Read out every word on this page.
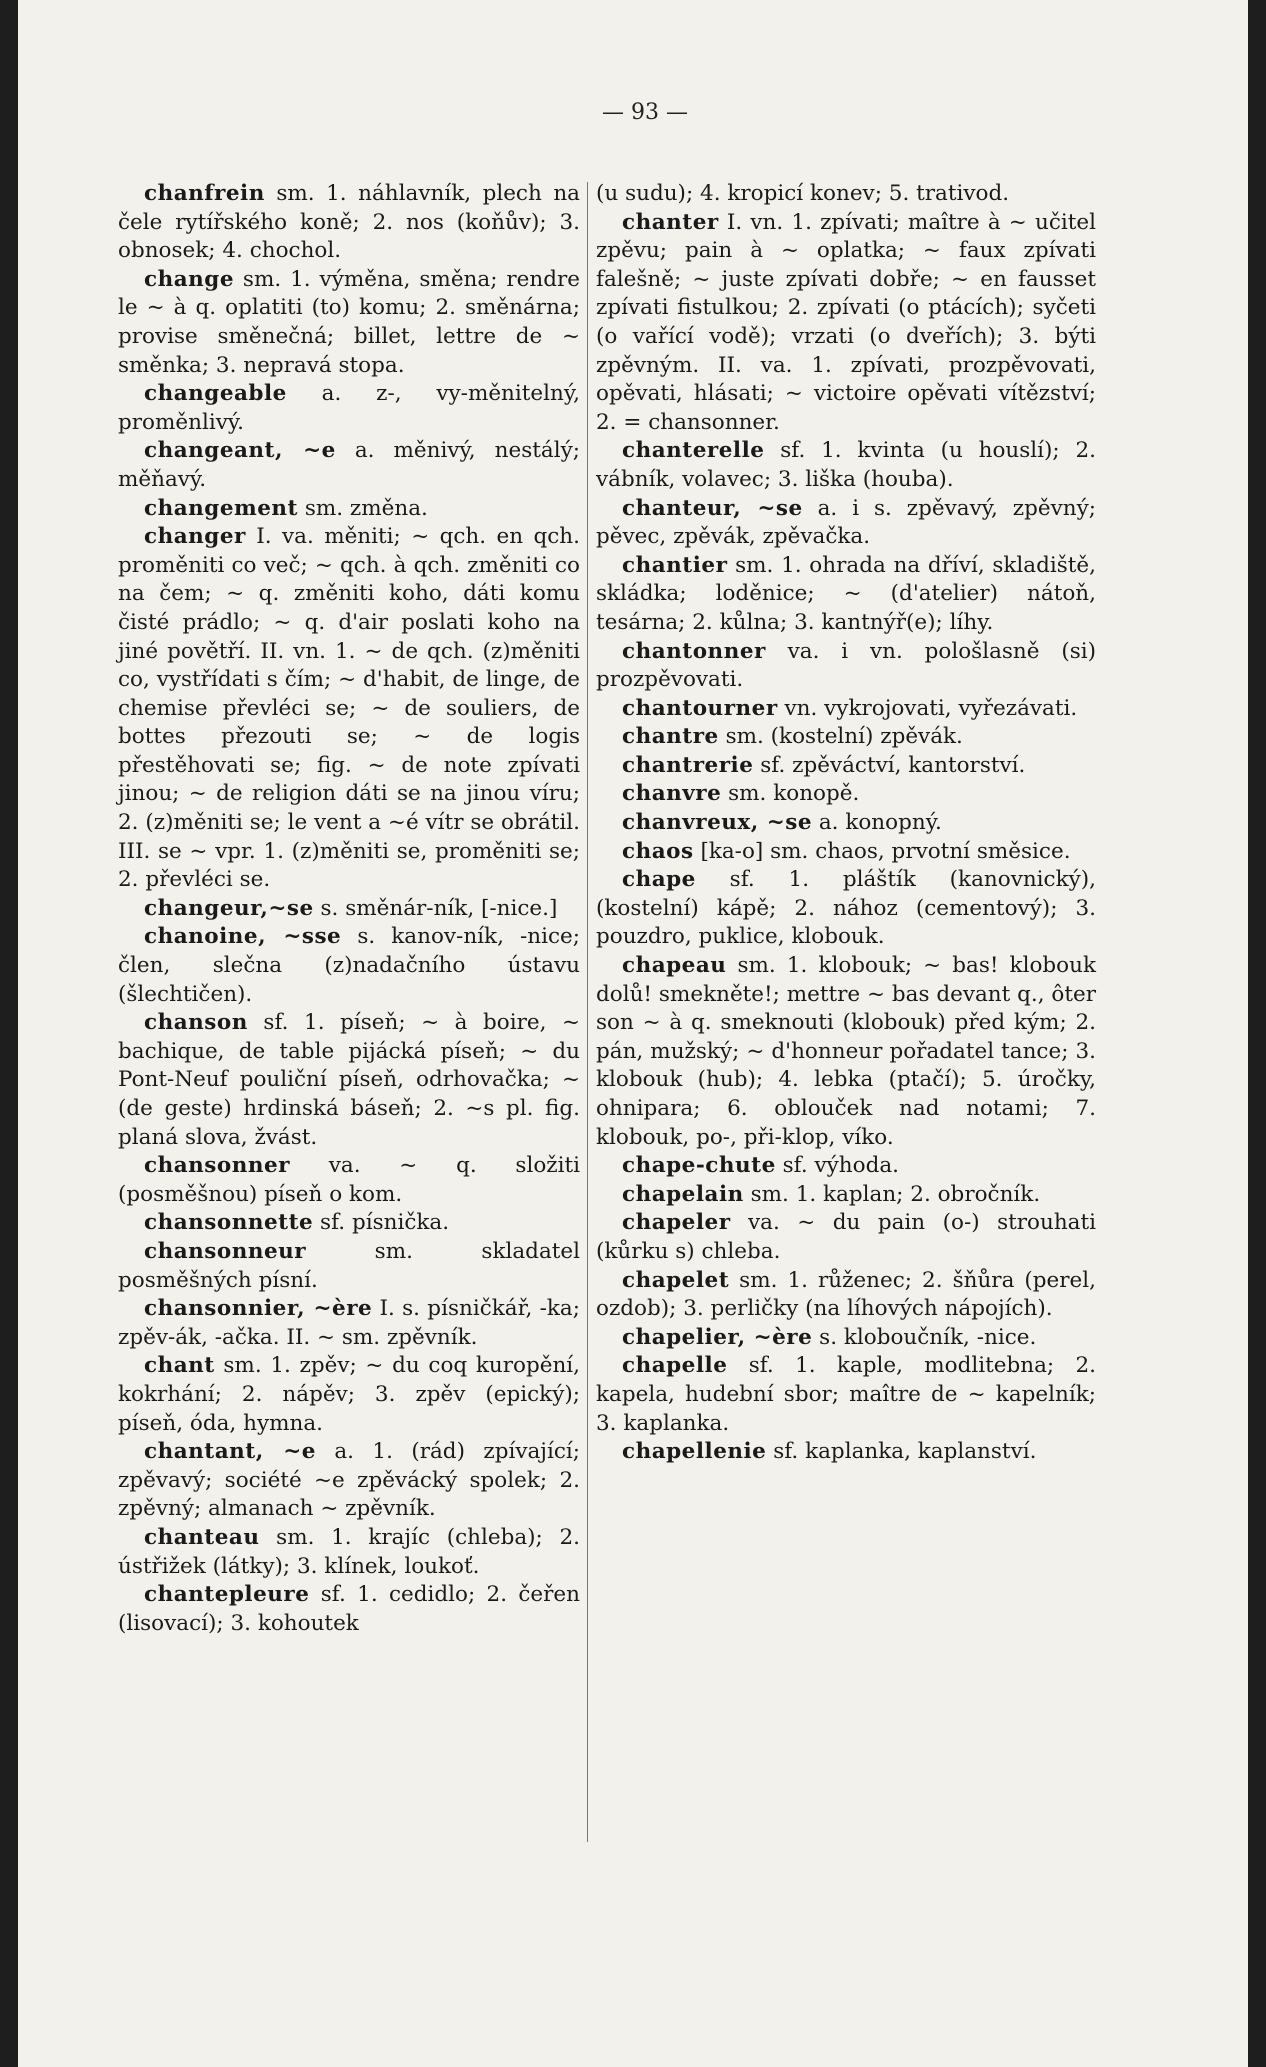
— 93 —

chanfrein sm. 1. náhlavník, plech na čele rytířského koně; 2. nos (koňův); 3. obnosek; 4. chochol.

change sm. 1. výměna, směna; rendre le ~ à q. oplatiti (to) komu; 2. směnárna; provise směnečná; billet, lettre de ~ směnka; 3. nepravá stopa.

changeable a. z-, vy-měnitelný, proměnlivý.

changeant, ~e a. měnivý, nestálý; měňavý.

changement sm. změna.

changer I. va. měniti; ~ qch. en qch. proměniti co več; ~ qch. à qch. změniti co na čem; ~ q. změniti koho, dáti komu čisté prádlo; ~ q. d'air poslati koho na jiné povětří. II. vn. 1. ~ de qch. (z)měniti co, vystřídati s čím; ~ d'habit, de linge, de chemise převléci se; ~ de souliers, de bottes přezouti se; ~ de logis přestěhovati se; fig. ~ de note zpívati jinou; ~ de religion dáti se na jinou víru; 2. (z)měniti se; le vent a ~é vítr se obrátil. III. se ~ vpr. 1. (z)měniti se, proměniti se; 2. převléci se.

changeur,~se s. směnár-ník, [-nice.]

chanoine, ~sse s. kanov-ník, -nice; člen, slečna (z)nadačního ústavu (šlechtičen).

chanson sf. 1. píseň; ~ à boire, ~ bachique, de table pijácká píseň; ~ du Pont-Neuf pouliční píseň, odrhovačka; ~ (de geste) hrdinská báseň; 2. ~s pl. fig. planá slova, žvást.

chansonner va. ~ q. složiti (posměšnou) píseň o kom.

chansonnette sf. písnička.

chansonneur sm. skladatel posměšných písní.

chansonnier, ~ère I. s. písničkář, -ka; zpěv-ák, -ačka. II. ~ sm. zpěvník.

chant sm. 1. zpěv; ~ du coq kuropění, kokrhání; 2. nápěv; 3. zpěv (epický); píseň, óda, hymna.

chantant, ~e a. 1. (rád) zpívající; zpěvavý; société ~e zpěvácký spolek; 2. zpěvný; almanach ~ zpěvník.

chanteau sm. 1. krajíc (chleba); 2. ústřižek (látky); 3. klínek, loukoť.

chantepleure sf. 1. cedidlo; 2. čeřen (lisovací); 3. kohoutek

(u sudu); 4. kropicí konev; 5. trativod.

chanter I. vn. 1. zpívati; maître à ~ učitel zpěvu; pain à ~ oplatka; ~ faux zpívati falešně; ~ juste zpívati dobře; ~ en fausset zpívati fistulkou; 2. zpívati (o ptácích); syčeti (o vařící vodě); vrzati (o dveřích); 3. býti zpěvným. II. va. 1. zpívati, prozpěvovati, opěvati, hlásati; ~ victoire opěvati vítězství; 2. = chansonner.

chanterelle sf. 1. kvinta (u houslí); 2. vábník, volavec; 3. liška (houba).

chanteur, ~se a. i s. zpěvavý, zpěvný; pěvec, zpěvák, zpěvačka.

chantier sm. 1. ohrada na dříví, skladiště, skládka; loděnice; ~ (d'atelier) nátoň, tesárna; 2. kůlna; 3. kantnýř(e); líhy.

chantonner va. i vn. pološlasně (si) prozpěvovati.

chantourner vn. vykrojovati, vyřezávati.

chantre sm. (kostelní) zpěvák.

chantrerie sf. zpěváctví, kantorství.

chanvre sm. konopě.

chanvreux, ~se a. konopný.

chaos [ka-o] sm. chaos, prvotní směsice.

chape sf. 1. pláštík (kanovnický), (kostelní) kápě; 2. nához (cementový); 3. pouzdro, puklice, klobouk.

chapeau sm. 1. klobouk; ~ bas! klobouk dolů! smekněte!; mettre ~ bas devant q., ôter son ~ à q. smeknouti (klobouk) před kým; 2. pán, mužský; ~ d'honneur pořadatel tance; 3. klobouk (hub); 4. lebka (ptačí); 5. úročky, ohnipara; 6. oblouček nad notami; 7. klobouk, po-, při-klop, víko.

chape-chute sf. výhoda.

chapelain sm. 1. kaplan; 2. obročník.

chapeler va. ~ du pain (o-) strouhati (kůrku s) chleba.

chapelet sm. 1. růženec; 2. šňůra (perel, ozdob); 3. perličky (na líhových nápojích).

chapelier, ~ère s. kloboučník, -nice.

chapelle sf. 1. kaple, modlitebna; 2. kapela, hudební sbor; maître de ~ kapelník; 3. kaplanka.

chapellenie sf. kaplanka, kaplanství.
